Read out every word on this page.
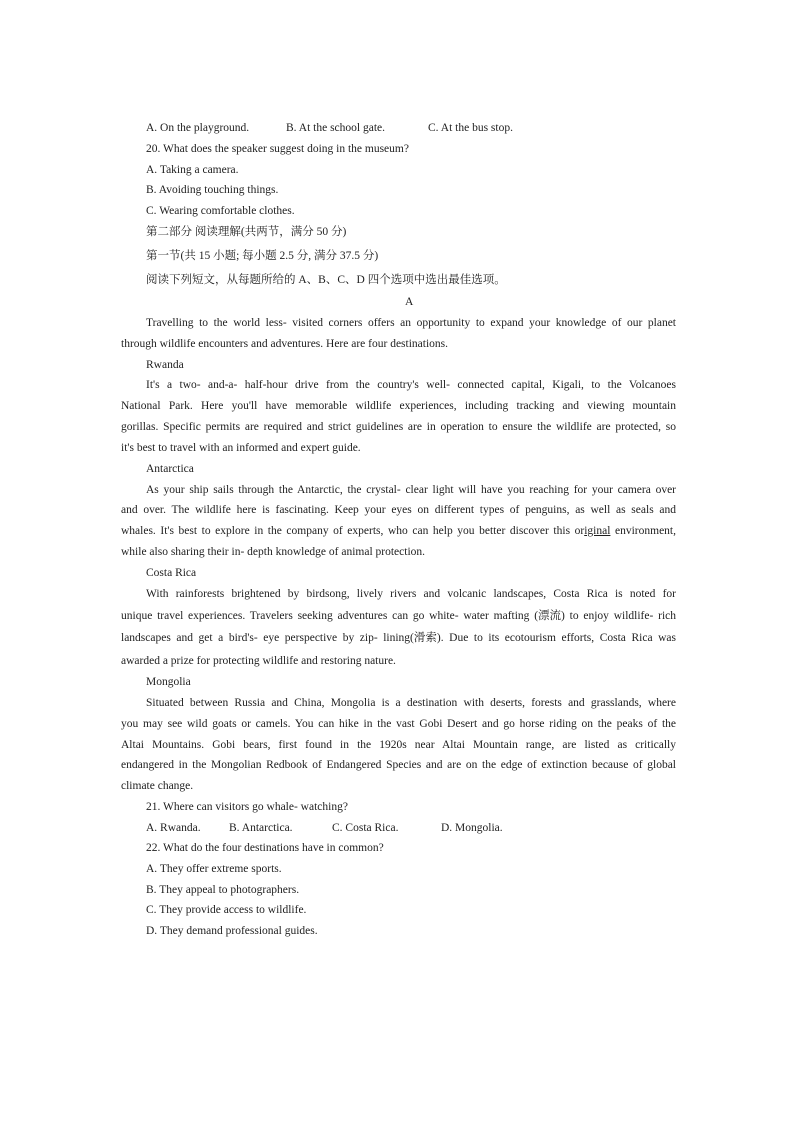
A. On the playground.	B. At the school gate.	C. At the bus stop.
20. What does the speaker suggest doing in the museum?
A. Taking a camera.
B. Avoiding touching things.
C. Wearing comfortable clothes.
第二部分 阅读理解(共两节，满分 50 分)
第一节(共 15 小题; 每小题 2.5 分, 满分 37.5 分)
阅读下列短文，从每题所给的 A、B、C、D 四个选项中选出最佳选项。
A
Travelling to the world less- visited corners offers an opportunity to expand your knowledge of our planet
through wildlife encounters and adventures. Here are four destinations.
Rwanda
It's a two- and-a- half-hour drive from the country's well- connected capital, Kigali, to the Volcanoes
National Park. Here you'll have memorable wildlife experiences, including tracking and viewing mountain
gorillas. Specific permits are required and strict guidelines are in operation to ensure the wildlife are protected, so
it's best to travel with an informed and expert guide.
Antarctica
As your ship sails through the Antarctic, the crystal- clear light will have you reaching for your camera over
and over. The wildlife here is fascinating. Keep your eyes on different types of penguins, as well as seals and
whales. It's best to explore in the company of experts, who can help you better discover this original environment,
while also sharing their in- depth knowledge of animal protection.
Costa Rica
With rainforests brightened by birdsong, lively rivers and volcanic landscapes, Costa Rica is noted for
unique travel experiences. Travelers seeking adventures can go white- water mafting (漂流) to enjoy wildlife- rich
landscapes and get a bird's- eye perspective by zip- lining(滑索). Due to its ecotourism efforts, Costa Rica was
awarded a prize for protecting wildlife and restoring nature.
Mongolia
Situated between Russia and China, Mongolia is a destination with deserts, forests and grasslands, where
you may see wild goats or camels. You can hike in the vast Gobi Desert and go horse riding on the peaks of the
Altai Mountains. Gobi bears, first found in the 1920s near Altai Mountain range, are listed as critically
endangered in the Mongolian Redbook of Endangered Species and are on the edge of extinction because of global
climate change.
21. Where can visitors go whale- watching?
A. Rwanda. B. Antarctica.	C. Costa Rica.	D. Mongolia.
22. What do the four destinations have in common?
A. They offer extreme sports.
B. They appeal to photographers.
C. They provide access to wildlife.
D. They demand professional guides.
